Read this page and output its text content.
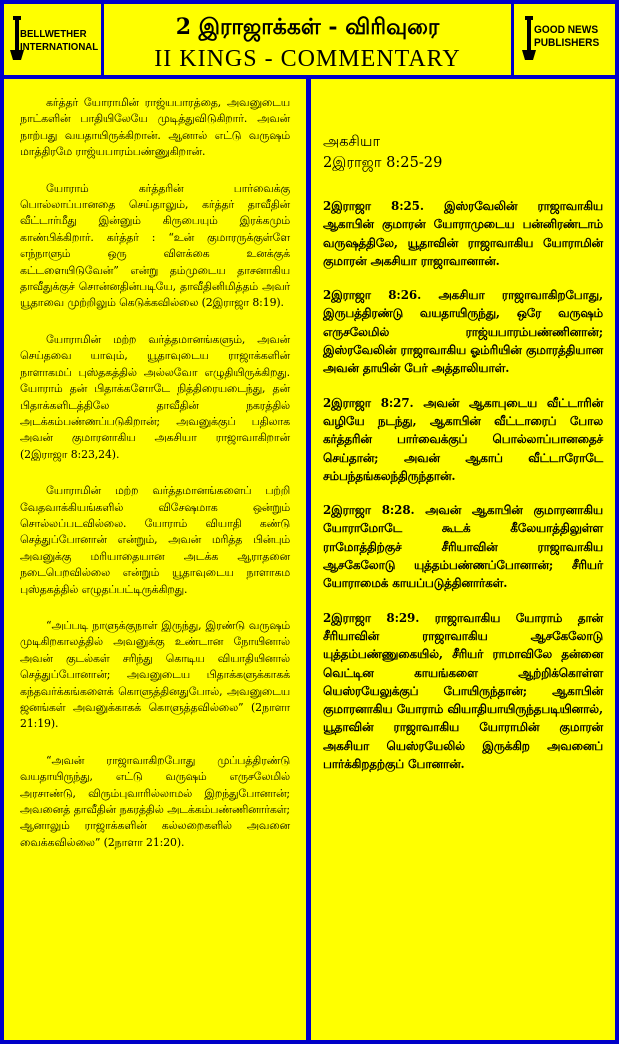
BELLWETHER
INTERNATIONAL
2 இராஜாக்கள் - விரிவுரை
II KINGS - COMMENTARY
GOOD NEWS
PUBLISHERS

கர்த்தர் யோராமின் ராஜ்யபாரத்தை, அவனுடைய நாட்களின் பாதியிலேயே முடித்துவிடுகிறார். அவன் நாற்பது வயதாயிருக்கிறான். ஆனால் எட்டு வருஷம் மாத்திரமே ராஜ்யபாரம்பண்ணுகிறான்.

யோராம் கர்த்தரின் பார்வைக்கு பொல்லாப்பானதை செய்தாலும், கர்த்தர் தாவீதின் வீட்டார்மீது இன்னும் கிருபையும் இரக்கமும் காண்பிக்கிறார். கர்த்தர் : “உன் குமாரருக்குள்ளே எந்நாளும் ஒரு விளக்கை உனக்குக் கட்டளையிடுவேன்” என்று தம்முடைய தாசனாகிய தாவீதுக்குச் சொன்னதின்படியே, தாவீதினிமித்தம் அவர் யூதாவை முற்றிலும் கெடுக்கவில்லை (2இராஜா 8:19).

யோராமின் மற்ற வர்த்தமானங்களும், அவன் செய்தவை யாவும், யூதாவுடைய ராஜாக்களின் நாளாகமப் புஸ்தகத்தில் அல்லவோ எழுதியிருக்கிறது. யோராம் தன் பிதாக்களோடே நித்திரையடைந்து, தன் பிதாக்களிடத்திலே தாவீதின் நகரத்தில் அடக்கம்பண்ணப்படுகிறான்; அவனுக்குப் பதிலாக அவன் குமாரனாகிய அகசியா ராஜாவாகிறான் (2இராஜா 8:23,24).

யோராமின் மற்ற வர்த்தமானங்களைப் பற்றி வேதவாக்கியங்களில் விசேஷமாக ஒன்றும் சொல்லப்படவில்லை. யோராம் வியாதி கண்டு செத்துப்போனான் என்றும், அவன் மரித்த பின்பும் அவனுக்கு மரியாதையான அடக்க ஆராதனை நடைபெறவில்லை என்றும் யூதாவுடைய நாளாகம புஸ்தகத்தில் எழுதப்பட்டிருக்கிறது.

“அப்படி நாளுக்குநாள் இருந்து, இரண்டு வருஷம் முடிகிறகாலத்தில் அவனுக்கு உண்டான நோயினால் அவன் குடல்கள் சரிந்து கொடிய வியாதியினால் செத்துப்போனான்; அவனுடைய பிதாக்களுக்காகக் கந்தவர்க்கங்களைக் கொளுத்தினதுபோல், அவனுடைய ஜனங்கள் அவனுக்காகக் கொளுத்தவில்லை” (2நாளா 21:19).

“அவன் ராஜாவாகிறபோது முப்பத்திரண்டு வயதாயிருந்து, எட்டு வருஷம் எருசலேமில் அரசாண்டு, விரும்புவாரில்லாமல் இறந்துபோனான்; அவனைத் தாவீதின் நகரத்தில் அடக்கம்பண்ணினார்கள்; ஆனாலும் ராஜாக்களின் கல்லறைகளில் அவனை வைக்கவில்லை” (2நாளா 21:20).

அகசியா
2இராஜா 8:25-29

2இராஜா 8:25. இஸ்ரவேலின் ராஜாவாகிய ஆகாபின் குமாரன் யோராமுடைய பன்னிரண்டாம் வருஷத்திலே, யூதாவின் ராஜாவாகிய யோராமின் குமாரன் அகசியா ராஜாவானான்.

2இராஜா 8:26. அகசியா ராஜாவாகிறபோது, இருபத்திரண்டு வயதாயிருந்து, ஒரே வருஷம் எருசலேமில் ராஜ்யபாரம்பண்ணினான்; இஸ்ரவேலின் ராஜாவாகிய ஓம்ரியின் குமாரத்தியான அவன் தாயின் பேர் அத்தாலியாள்.

2இராஜா 8:27. அவன் ஆகாபுடைய வீட்டாரின் வழியே நடந்து, ஆகாபின் வீட்டாரைப் போல கர்த்தரின் பார்வைக்குப் பொல்லாப்பானதைச் செய்தான்; அவன் ஆகாப் வீட்டாரோடே சம்பந்தங்கலந்திருந்தான்.

2இராஜா 8:28. அவன் ஆகாபின் குமாரனாகிய யோராமோடே கூடக் கீலேயாத்திலுள்ள ராமோத்திற்குச் சீரியாவின் ராஜாவாகிய ஆசகேலோடு யுத்தம்பண்ணப்போனான்; சீரியர் யோராமைக் காயப்படுத்தினார்கள்.

2இராஜா 8:29. ராஜாவாகிய யோராம் தான் சீரியாவின் ராஜாவாகிய ஆசகேலோடு யுத்தம்பண்ணுகையில், சீரியர் ராமாவிலே தன்னை வெட்டின காயங்களை ஆற்றிக்கொள்ள யெஸ்ரயேலுக்குப் போயிருந்தான்; ஆகாபின் குமாரனாகிய யோராம் வியாதியாயிருந்தபடியினால், யூதாவின் ராஜாவாகிய யோராமின் குமாரன் அகசியா யெஸ்ரயேலில் இருக்கிற அவனைப் பார்க்கிறதற்குப் போனான்.
